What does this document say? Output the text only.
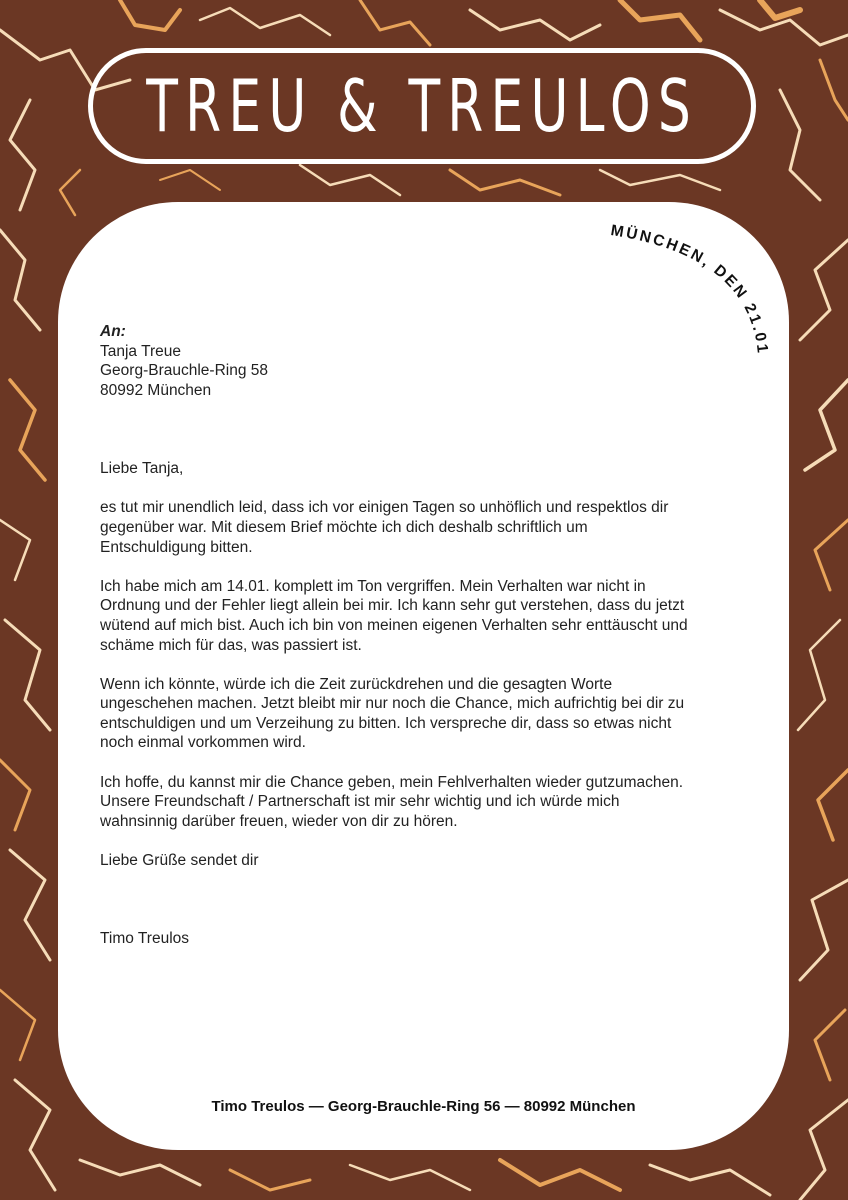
TREU & TREULOS
MÜNCHEN, DEN 21.01.

An:

Tanja Treue

Georg-Brauchle-Ring 58

80992 München

Liebe Tanja,

es tut mir unendlich leid, dass ich vor einigen Tagen so unhöflich und respektlos dir

gegenüber war. Mit diesem Brief möchte ich dich deshalb schriftlich um

Entschuldigung bitten.

Ich habe mich am 14.01. komplett im Ton vergriffen. Mein Verhalten war nicht in

Ordnung und der Fehler liegt allein bei mir. Ich kann sehr gut verstehen, dass du jetzt

wütend auf mich bist. Auch ich bin von meinen eigenen Verhalten sehr enttäuscht und

schäme mich für das, was passiert ist.

Wenn ich könnte, würde ich die Zeit zurückdrehen und die gesagten Worte

ungeschehen machen. Jetzt bleibt mir nur noch die Chance, mich aufrichtig bei dir zu

entschuldigen und um Verzeihung zu bitten. Ich verspreche dir, dass so etwas nicht

noch einmal vorkommen wird.

Ich hoffe, du kannst mir die Chance geben, mein Fehlverhalten wieder gutzumachen.

Unsere Freundschaft / Partnerschaft ist mir sehr wichtig und ich würde mich

wahnsinnig darüber freuen, wieder von dir zu hören.

Liebe Grüße sendet dir

Timo Treulos

Timo Treulos — Georg-Brauchle-Ring 56 — 80992 München
